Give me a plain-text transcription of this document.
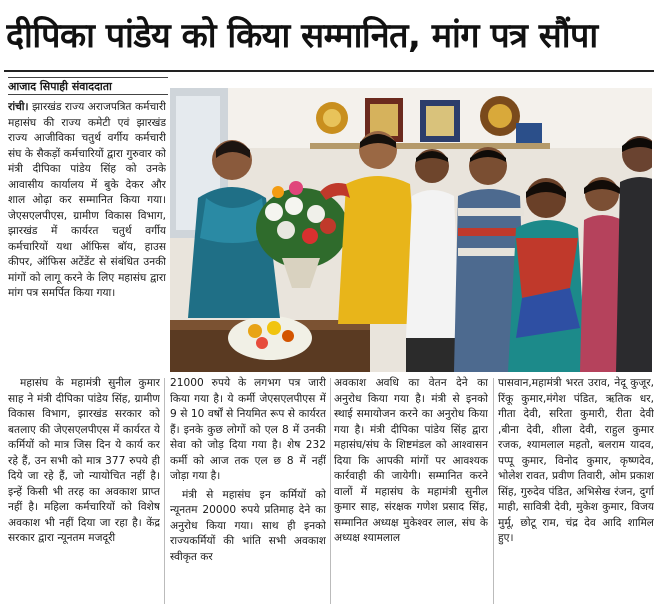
दीपिका पांडेय को किया सम्मानित, मांग पत्र सौंपा
आजाद सिपाही संवाददाता

रांची। झारखंड राज्य अराजपत्रित कर्मचारी महासंघ की राज्य कमेटी एवं झारखंड राज्य आजीविका चतुर्थ वर्गीय कर्मचारी संघ के सैकड़ों कर्मचारियों द्वारा गुरुवार को मंत्री दीपिका पांडेय सिंह को उनके आवासीय कार्यालय में बुके देकर और शाल ओढ़ा कर सम्मानित किया गया। जेएसएलपीएस, ग्रामीण विकास विभाग, झारखंड में कार्यरत चतुर्थ वर्गीय कर्मचारियों यथा ऑफिस बॉय, हाउस कीपर, ऑफिस अटेंडेंट से संबंधित उनकी मांगों को लागू करने के लिए महासंघ द्वारा मांग पत्र समर्पित किया गया।

महासंघ के महामंत्री सुनील कुमार साह ने मंत्री दीपिका पांडेय सिंह, ग्रामीण विकास विभाग, झारखंड सरकार को बतलाए की जेएसएलपीएस में कार्यरत ये कर्मियों को मात्र जिस दिन ये कार्य कर रहे हैं, उन सभी को मात्र 377 रुपये ही दिये जा रहे हैं, जो न्यायोचित नहीं है। इन्हें किसी भी तरह का अवकाश प्राप्त नहीं है। महिला कर्मचारियों को विशेष अवकाश भी नहीं दिया जा रहा है। केंद्र सरकार द्वारा न्यूनतम मजदूरी

21000 रुपये के लगभग पत्र जारी किया गया है। ये कर्मी जेएसएलपीएस में 9 से 10 वर्षों से नियमित रूप से कार्यरत हैं। इनके कुछ लोगों को एल 8 में उनकी सेवा को जोड़ दिया गया है। शेष 232 कर्मी को आज तक एल छ 8 में नहीं जोड़ा गया है।

मंत्री से महासंघ इन कर्मियों को न्यूनतम 20000 रुपये प्रतिमाह देने का अनुरोध किया गया। साथ ही इनको राज्यकर्मियों की भांति सभी अवकाश स्वीकृत कर

अवकाश अवधि का वेतन देने का अनुरोध किया गया है। मंत्री से इनको स्थाई समायोजन करने का अनुरोध किया गया है। मंत्री दीपिका पांडेय सिंह द्वारा महासंघ/संघ के शिष्टमंडल को आश्वासन दिया कि आपकी मांगों पर आवश्यक कार्रवाही की जायेगी। सम्मानित करने वालों में महासंघ के महामंत्री सुनील कुमार साह, संरक्षक गणेश प्रसाद सिंह, सम्मानित अध्यक्ष मुकेश्वर लाल, संघ के अध्यक्ष श्यामलाल

पासवान,महामंत्री भरत उराव, नेदू कुजूर, रिंकू कुमार,मंगेश पंडित, ऋतिक धर, गीता देवी, सरिता कुमारी, रीता देवी ,बीना देवी, शीला देवी, राहुल कुमार रजक, श्यामलाल महतो, बलराम यादव, पप्पू कुमार, विनोद कुमार, कृष्णदेव, भोलेश रावत, प्रवीण तिवारी, ओम प्रकाश सिंह, गुरुदेव पंडित, अभिसेख रंजन, दुर्गा माही, सावित्री देवी, मुकेश कुमार, विजय मुर्मू, छोटू राम, चंद्र देव आदि शामिल हुए।
